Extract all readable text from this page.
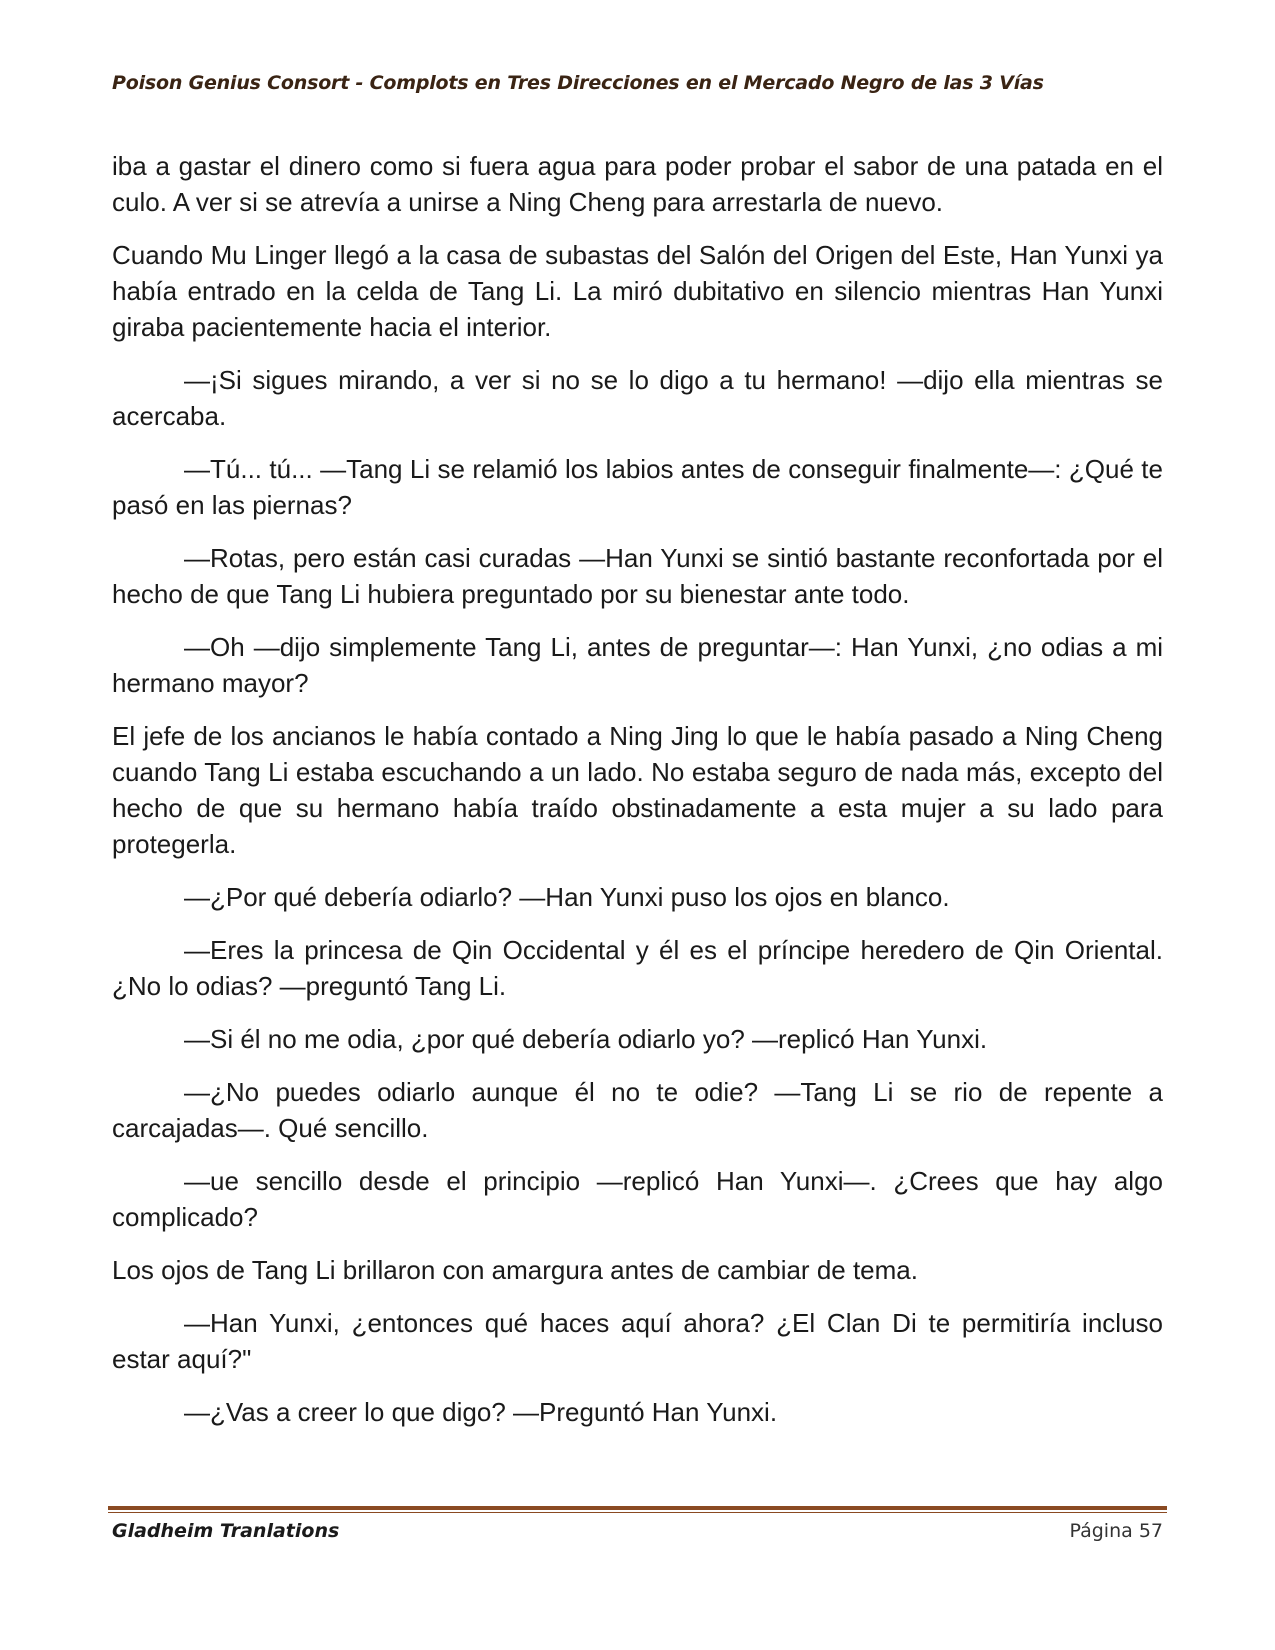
Poison Genius Consort - Complots en Tres Direcciones en el Mercado Negro de las 3 Vías

iba a gastar el dinero como si fuera agua para poder probar el sabor de una patada en el culo. A ver si se atrevía a unirse a Ning Cheng para arrestarla de nuevo.

Cuando Mu Linger llegó a la casa de subastas del Salón del Origen del Este, Han Yunxi ya había entrado en la celda de Tang Li. La miró dubitativo en silencio mientras Han Yunxi giraba pacientemente hacia el interior.

—¡Si sigues mirando, a ver si no se lo digo a tu hermano! —dijo ella mientras se acercaba.

—Tú... tú... —Tang Li se relamió los labios antes de conseguir finalmente—: ¿Qué te pasó en las piernas?

—Rotas, pero están casi curadas —Han Yunxi se sintió bastante reconfortada por el hecho de que Tang Li hubiera preguntado por su bienestar ante todo.

—Oh —dijo simplemente Tang Li, antes de preguntar—: Han Yunxi, ¿no odias a mi hermano mayor?

El jefe de los ancianos le había contado a Ning Jing lo que le había pasado a Ning Cheng cuando Tang Li estaba escuchando a un lado. No estaba seguro de nada más, excepto del hecho de que su hermano había traído obstinadamente a esta mujer a su lado para protegerla.

—¿Por qué debería odiarlo? —Han Yunxi puso los ojos en blanco.

—Eres la princesa de Qin Occidental y él es el príncipe heredero de Qin Oriental. ¿No lo odias? —preguntó Tang Li.

—Si él no me odia, ¿por qué debería odiarlo yo? —replicó Han Yunxi.

—¿No puedes odiarlo aunque él no te odie? —Tang Li se rio de repente a carcajadas—. Qué sencillo.

—ue sencillo desde el principio —replicó Han Yunxi—. ¿Crees que hay algo complicado?

Los ojos de Tang Li brillaron con amargura antes de cambiar de tema.

—Han Yunxi, ¿entonces qué haces aquí ahora? ¿El Clan Di te permitiría incluso estar aquí?"

—¿Vas a creer lo que digo? —Preguntó Han Yunxi.

Gladheim Tranlations	Página 57
